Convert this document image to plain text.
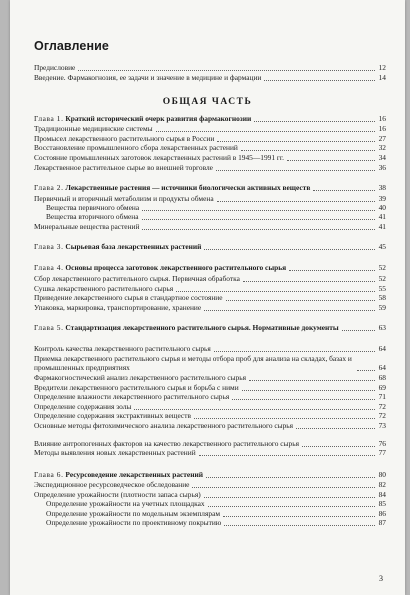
Оглавление
ОБЩАЯ ЧАСТЬ
Предисловие	12
Введение. Фармакогнозия, ее задачи и значение в медицине и фармации	14
Глава 1. Краткий исторический очерк развития фармакогнозии	16
Традиционные медицинские системы	16
Промысел лекарственного растительного сырья в России	27
Восстановление промышленного сбора лекарственных растений	32
Состояние промышленных заготовок лекарственных растений в 1945—1991 гг.	34
Лекарственное растительное сырье во внешней торговле	36
Глава 2. Лекарственные растения — источники биологически активных веществ	38
Первичный и вторичный метаболизм и продукты обмена	39
Вещества первичного обмена	40
Вещества вторичного обмена	41
Минеральные вещества растений	41
Глава 3. Сырьевая база лекарственных растений	45
Глава 4. Основы процесса заготовок лекарственного растительного сырья	52
Сбор лекарственного растительного сырья. Первичная обработка	52
Сушка лекарственного растительного сырья	55
Приведение лекарственного сырья в стандартное состояние	58
Упаковка, маркировка, транспортирование, хранение	59
Глава 5. Стандартизация лекарственного растительного сырья. Нормативные документы	63
Контроль качества лекарственного растительного сырья	64
Приемка лекарственного растительного сырья и методы отбора проб для анализа на складах, базах и промышленных предприятиях	64
Фармакогностический анализ лекарственного растительного сырья	68
Вредители лекарственного растительного сырья и борьба с ними	69
Определение влажности лекарственного растительного сырья	71
Определение содержания золы	72
Определение содержания экстрактивных веществ	72
Основные методы фитохимического анализа лекарственного растительного сырья	73
Влияние антропогенных факторов на качество лекарственного растительного сырья	76
Методы выявления новых лекарственных растений	77
Глава 6. Ресурсоведение лекарственных растений	80
Экспедиционное ресурсоведческое обследование	82
Определение урожайности (плотности запаса сырья)	84
Определение урожайности на учетных площадках	85
Определение урожайности по модельным экземплярам	86
Определение урожайности по проективному покрытию	87
3
